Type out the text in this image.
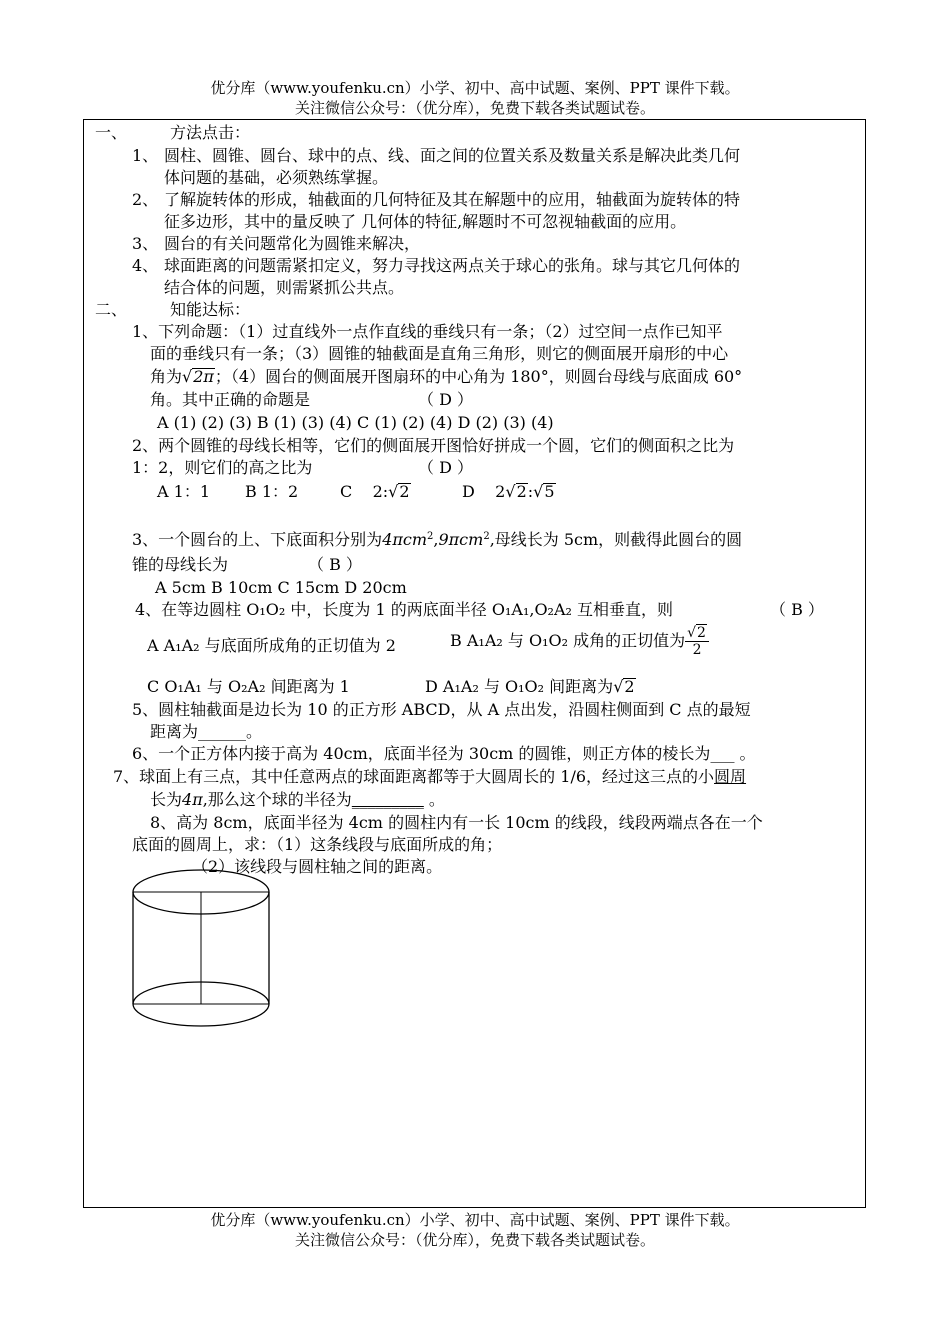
优分库（www.youfenku.cn）小学、初中、高中试题、案例、PPT 课件下载。
关注微信公众号：（优分库），免费下载各类试题试卷。
一、	方法点击：
1、 圆柱、圆锥、圆台、球中的点、线、面之间的位置关系及数量关系是解决此类几何
体问题的基础，必须熟练掌握。
2、 了解旋转体的形成，轴截面的几何特征及其在解题中的应用，轴截面为旋转体的特
征多边形，其中的量反映了 几何体的特征,解题时不可忽视轴截面的应用。
3、 圆台的有关问题常化为圆锥来解决，
4、 球面距离的问题需紧扣定义，努力寻找这两点关于球心的张角。球与其它几何体的
结合体的问题，则需紧抓公共点。
二、	知能达标：
1、下列命题：（1）过直线外一点作直线的垂线只有一条；（2）过空间一点作已知平
面的垂线只有一条；（3）圆锥的轴截面是直角三角形，则它的侧面展开扇形的中心
角为√2π；（4）圆台的侧面展开图扇环的中心角为 180°，则圆台母线与底面成 60°
角。其中正确的命题是	（ D ）
A (1) (2) (3) B (1) (3) (4) C (1) (2) (4) D (2) (3) (4)
2、两个圆锥的母线长相等，它们的侧面展开图恰好拼成一个圆，它们的侧面积之比为
1：2，则它们的高之比为	（ D ）
A 1：1 B 1：2	C 2:√2	D 2√2:√5
3、一个圆台的上、下底面积分别为4πcm$^2$,9πcm$^2$,母线长为 5cm，则截得此圆台的圆
锥的母线长为	（ B ）
A 5cm B 10cm C 15cm D 20cm
4、在等边圆柱 O₁O₂ 中，长度为 1 的两底面半径 O₁A₁,O₂A₂ 互相垂直，则	（ B ）
A A₁A₂ 与底面所成角的正切值为 2	B A₁A₂ 与 O₁O₂ 成角的正切值为 $\frac{√2}{2}$
C O₁A₁ 与 O₂A₂ 间距离为 1	D A₁A₂ 与 O₁O₂ 间距离为√2
5、圆柱轴截面是边长为 10 的正方形 ABCD，从 A 点出发，沿圆柱侧面到 C 点的最短
距离为______。
6、一个正方体内接于高为 40cm，底面半径为 30cm 的圆锥，则正方体的棱长为___ 。
7、球面上有三点，其中任意两点的球面距离都等于大圆周长的 1/6，经过这三点的小圆周
长为4π,那么这个球的半径为_________ 。
8、高为 8cm，底面半径为 4cm 的圆柱内有一长 10cm 的线段，线段两端点各在一个
底面的圆周上，求：（1）这条线段与底面所成的角；
（2）该线段与圆柱轴之间的距离。
优分库（www.youfenku.cn）小学、初中、高中试题、案例、PPT 课件下载。
关注微信公众号：（优分库），免费下载各类试题试卷。
